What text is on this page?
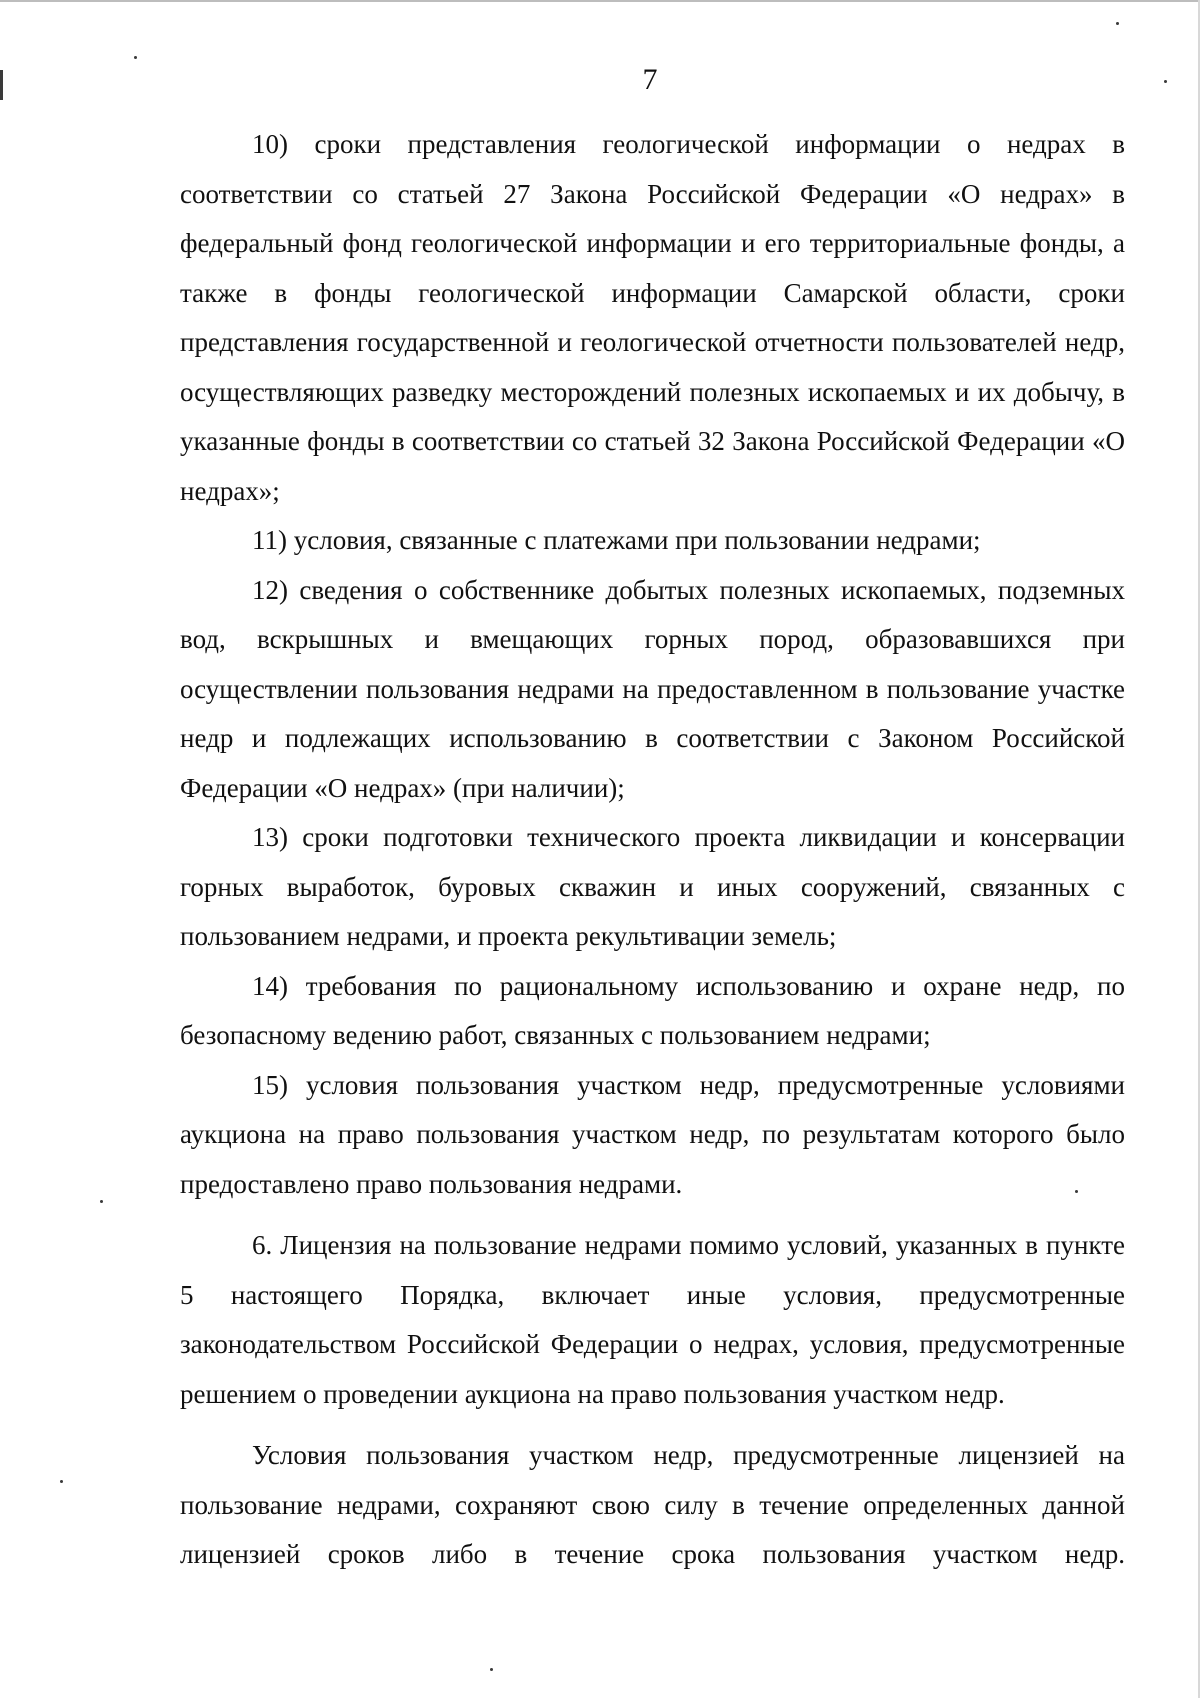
7

10) сроки представления геологической информации о недрах в соответствии со статьей 27 Закона Российской Федерации «О недрах» в федеральный фонд геологической информации и его территориальные фонды, а также в фонды геологической информации Самарской области, сроки представления государственной и геологической отчетности пользователей недр, осуществляющих разведку месторождений полезных ископаемых и их добычу, в указанные фонды в соответствии со статьей 32 Закона Российской Федерации «О недрах»;

11) условия, связанные с платежами при пользовании недрами;

12) сведения о собственнике добытых полезных ископаемых, подземных вод, вскрышных и вмещающих горных пород, образовавшихся при осуществлении пользования недрами на предоставленном в пользование участке недр и подлежащих использованию в соответствии с Законом Российской Федерации «О недрах» (при наличии);

13) сроки подготовки технического проекта ликвидации и консервации горных выработок, буровых скважин и иных сооружений, связанных с пользованием недрами, и проекта рекультивации земель;

14) требования по рациональному использованию и охране недр, по безопасному ведению работ, связанных с пользованием недрами;

15) условия пользования участком недр, предусмотренные условиями аукциона на право пользования участком недр, по результатам которого было предоставлено право пользования недрами.

6. Лицензия на пользование недрами помимо условий, указанных в пункте 5 настоящего Порядка, включает иные условия, предусмотренные законодательством Российской Федерации о недрах, условия, предусмотренные решением о проведении аукциона на право пользования участком недр.

Условия пользования участком недр, предусмотренные лицензией на пользование недрами, сохраняют свою силу в течение определенных данной лицензией сроков либо в течение срока пользования участком недр.
